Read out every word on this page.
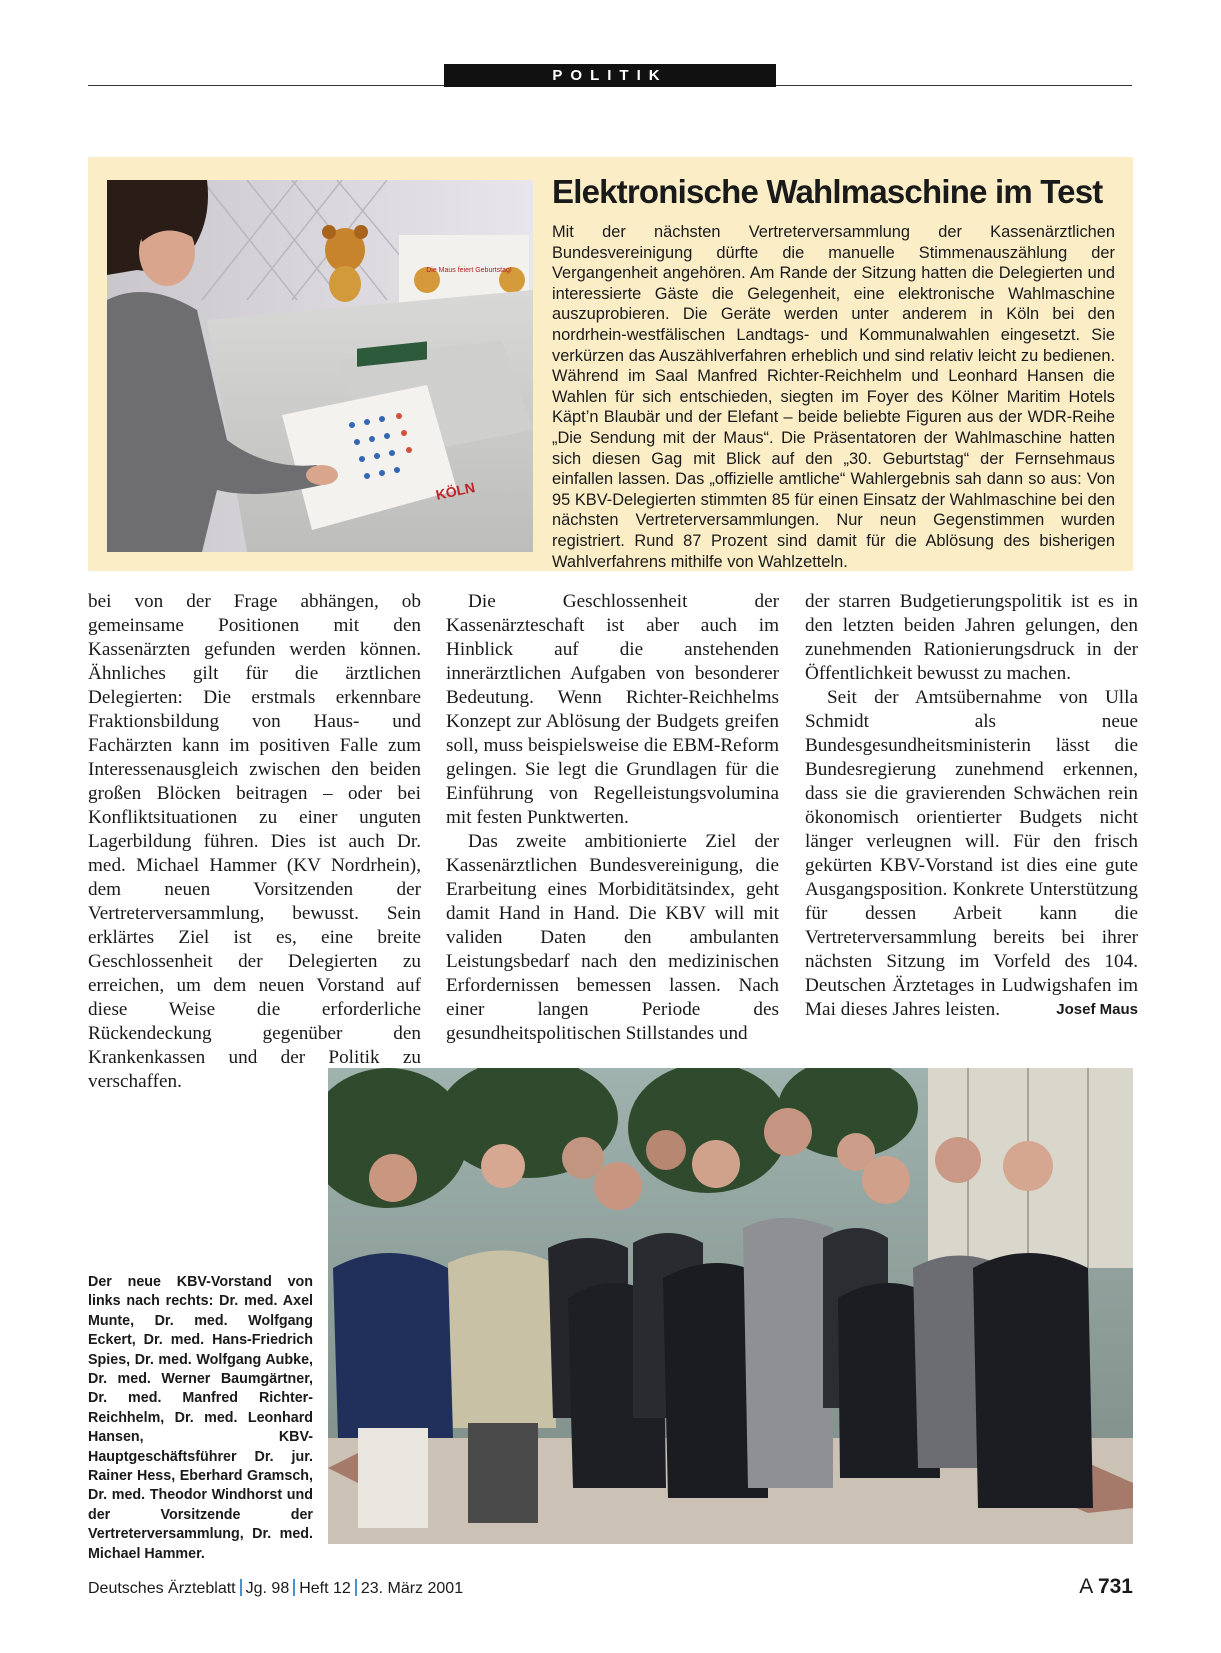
POLITIK
Die Maus feiert Geburtstag!
KÖLN
Elektronische Wahlmaschine im Test

Mit der nächsten Vertreterversammlung der Kassenärztlichen Bundesvereinigung dürfte die manuelle Stimmenauszählung der Vergangenheit angehören. Am Rande der Sitzung hatten die Delegierten und interessierte Gäste die Gelegenheit, eine elektronische Wahlmaschine auszuprobieren. Die Geräte werden unter anderem in Köln bei den nordrhein-westfälischen Landtags- und Kommunalwahlen eingesetzt. Sie verkürzen das Auszählverfahren erheblich und sind relativ leicht zu bedienen. Während im Saal Manfred Richter-Reichhelm und Leonhard Hansen die Wahlen für sich entschieden, siegten im Foyer des Kölner Maritim Hotels Käpt’n Blaubär und der Elefant – beide beliebte Figuren aus der WDR-Reihe „Die Sendung mit der Maus“. Die Präsentatoren der Wahlmaschine hatten sich diesen Gag mit Blick auf den „30. Geburtstag“ der Fernsehmaus einfallen lassen. Das „offizielle amtliche“ Wahlergebnis sah dann so aus: Von 95 KBV-Delegierten stimmten 85 für einen Einsatz der Wahlmaschine bei den nächsten Vertreterversammlungen. Nur neun Gegenstimmen wurden registriert. Rund 87 Prozent sind damit für die Ablösung des bisherigen Wahlverfahrens mithilfe von Wahlzetteln.

bei von der Frage abhängen, ob gemeinsame Positionen mit den Kassenärzten gefunden werden können. Ähnliches gilt für die ärztlichen Delegierten: Die erstmals erkennbare Fraktionsbildung von Haus- und Fachärzten kann im positiven Falle zum Interessenausgleich zwischen den beiden großen Blöcken beitragen – oder bei Konfliktsituationen zu einer unguten Lagerbildung führen. Dies ist auch Dr. med. Michael Hammer (KV Nordrhein), dem neuen Vorsitzenden der Vertreterversammlung, bewusst. Sein erklärtes Ziel ist es, eine breite Geschlossenheit der Delegierten zu erreichen, um dem neuen Vorstand auf diese Weise die erforderliche Rückendeckung gegenüber den Krankenkassen und der Politik zu verschaffen.

Die Geschlossenheit der Kassenärzteschaft ist aber auch im Hinblick auf die anstehenden innerärztlichen Aufgaben von besonderer Bedeutung. Wenn Richter-Reichhelms Konzept zur Ablösung der Budgets greifen soll, muss beispielsweise die EBM-Reform gelingen. Sie legt die Grundlagen für die Einführung von Regelleistungsvolumina mit festen Punktwerten.

Das zweite ambitionierte Ziel der Kassenärztlichen Bundesvereinigung, die Erarbeitung eines Morbiditätsindex, geht damit Hand in Hand. Die KBV will mit validen Daten den ambulanten Leistungsbedarf nach den medizinischen Erfordernissen bemessen lassen. Nach einer langen Periode des gesundheitspolitischen Stillstandes und

der starren Budgetierungspolitik ist es in den letzten beiden Jahren gelungen, den zunehmenden Rationierungsdruck in der Öffentlichkeit bewusst zu machen.

Seit der Amtsübernahme von Ulla Schmidt als neue Bundesgesundheitsministerin lässt die Bundesregierung zunehmend erkennen, dass sie die gravierenden Schwächen rein ökonomisch orientierter Budgets nicht länger verleugnen will. Für den frisch gekürten KBV-Vorstand ist dies eine gute Ausgangsposition. Konkrete Unterstützung für dessen Arbeit kann die Vertreterversammlung bereits bei ihrer nächsten Sitzung im Vorfeld des 104. Deutschen Ärztetages in Ludwigshafen im Mai dieses Jahres leisten.	Josef Maus

Der neue KBV-Vorstand von links nach rechts: Dr. med. Axel Munte, Dr. med. Wolfgang Eckert, Dr. med. Hans-Friedrich Spies, Dr. med. Wolfgang Aubke, Dr. med. Werner Baumgärtner, Dr. med. Manfred Richter-Reichhelm, Dr. med. Leonhard Hansen, KBV-Hauptgeschäftsführer Dr. jur. Rainer Hess, Eberhard Gramsch, Dr. med. Theodor Windhorst und der Vorsitzende der Vertreterversammlung, Dr. med. Michael Hammer.

Deutsches Ärzteblatt Jg. 98 Heft 12 23. März 2001	A 731
